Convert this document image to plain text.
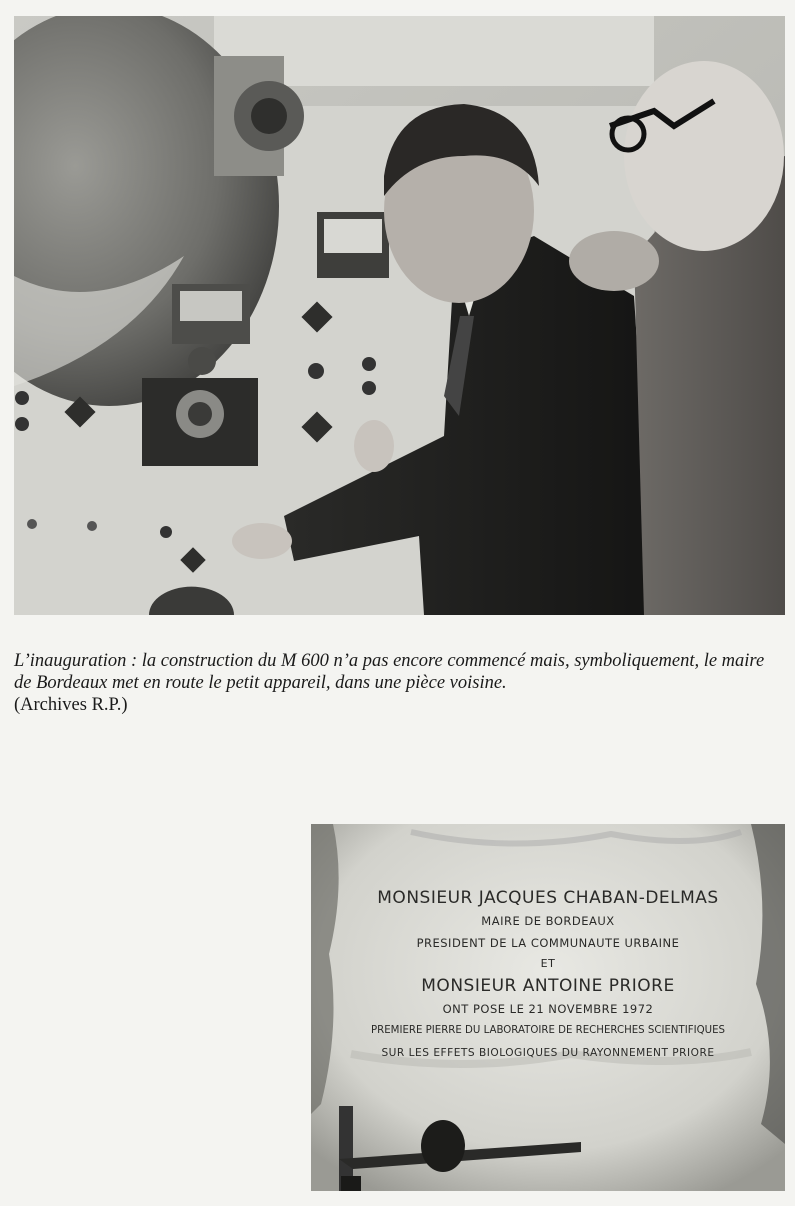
L’inauguration : la construction du M 600 n’a pas encore commencé mais, symboliquement, le maire de Bordeaux met en route le petit appareil, dans une pièce voisine.
(Archives R.P.)
MONSIEUR JACQUES CHABAN-DELMAS
MAIRE DE BORDEAUX
PRESIDENT DE LA COMMUNAUTE URBAINE
ET
MONSIEUR ANTOINE PRIORE
ONT POSE LE 21 NOVEMBRE 1972
PREMIERE PIERRE DU LABORATOIRE DE RECHERCHES SCIENTIFIQUES
SUR LES EFFETS BIOLOGIQUES DU RAYONNEMENT PRIORE
